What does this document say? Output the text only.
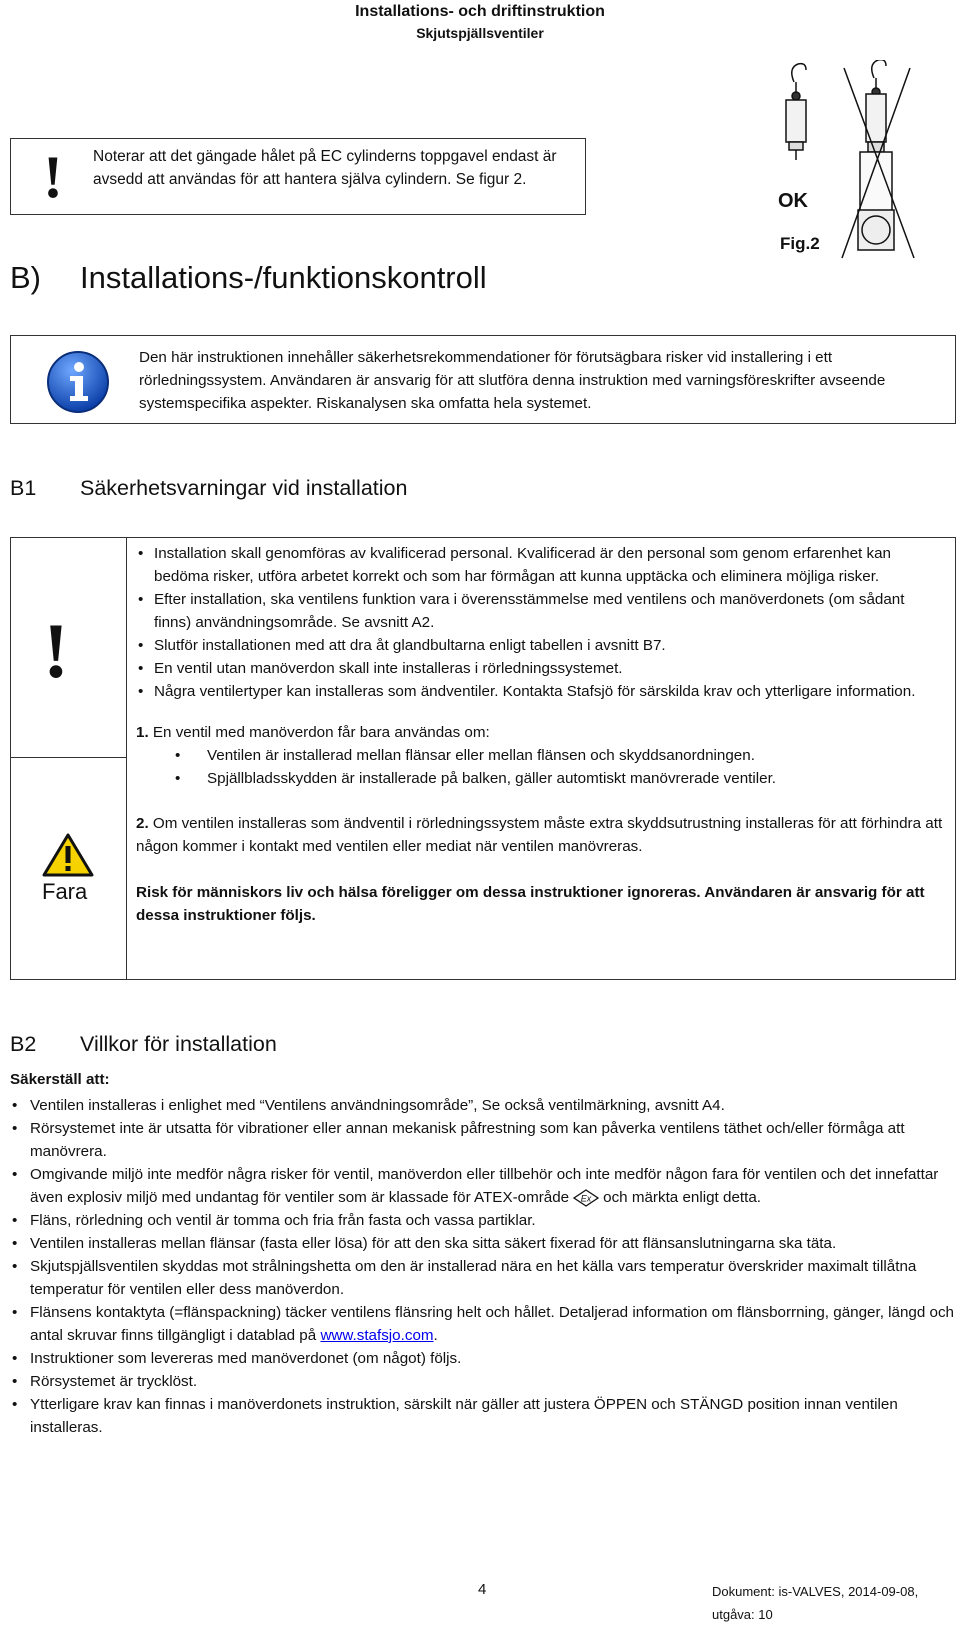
Installations- och driftinstruktion
Skjutspjällsventiler
! Noterar att det gängade hålet på EC cylinderns toppgavel endast är avsedd att användas för att hantera själva cylindern. Se figur 2.
OK
Fig.2
B) Installations-/funktionskontroll
Den här instruktionen innehåller säkerhetsrekommendationer för förutsägbara risker vid installering i ett rörledningssystem. Användaren är ansvarig för att slutföra denna instruktion med varningsföreskrifter avseende systemspecifika aspekter. Riskanalysen ska omfatta hela systemet.
B1 Säkerhetsvarningar vid installation
!
Fara
• Installation skall genomföras av kvalificerad personal. Kvalificerad är den personal som genom erfarenhet kan bedöma risker, utföra arbetet korrekt och som har förmågan att kunna upptäcka och eliminera möjliga risker.
• Efter installation, ska ventilens funktion vara i överensstämmelse med ventilens och manöverdonets (om sådant finns) användningsområde. Se avsnitt A2.
• Slutför installationen med att dra åt glandbultarna enligt tabellen i avsnitt B7.
• En ventil utan manöverdon skall inte installeras i rörledningssystemet.
• Några ventilertyper kan installeras som ändventiler. Kontakta Stafsjö för särskilda krav och ytterligare information.
1. En ventil med manöverdon får bara användas om:
• Ventilen är installerad mellan flänsar eller mellan flänsen och skyddsanordningen.
• Spjällbladsskydden är installerade på balken, gäller automtiskt manövrerade ventiler.
2. Om ventilen installeras som ändventil i rörledningssystem måste extra skyddsutrustning installeras för att förhindra att någon kommer i kontakt med ventilen eller mediat när ventilen manövreras.
Risk för människors liv och hälsa föreligger om dessa instruktioner ignoreras. Användaren är ansvarig för att dessa instruktioner följs.
B2 Villkor för installation
Säkerställ att:
• Ventilen installeras i enlighet med “Ventilens användningsområde”, Se också ventilmärkning, avsnitt A4.
• Rörsystemet inte är utsatta för vibrationer eller annan mekanisk påfrestning som kan påverka ventilens täthet och/eller förmåga att manövrera.
• Omgivande miljö inte medför några risker för ventil, manöverdon eller tillbehör och inte medför någon fara för ventilen och det innefattar även explosiv miljö med undantag för ventiler som är klassade för ATEX-område Ex och märkta enligt detta.
• Fläns, rörledning och ventil är tomma och fria från fasta och vassa partiklar.
• Ventilen installeras mellan flänsar (fasta eller lösa) för att den ska sitta säkert fixerad för att flänsanslutningarna ska täta.
• Skjutspjällsventilen skyddas mot strålningshetta om den är installerad nära en het källa vars temperatur överskrider maximalt tillåtna temperatur för ventilen eller dess manöverdon.
• Flänsens kontaktyta (=flänspackning) täcker ventilens flänsring helt och hållet. Detaljerad information om flänsborrning, gänger, längd och antal skruvar finns tillgängligt i datablad på www.stafsjo.com.
• Instruktioner som levereras med manöverdonet (om något) följs.
• Rörsystemet är trycklöst.
• Ytterligare krav kan finnas i manöverdonets instruktion, särskilt när gäller att justera ÖPPEN och STÄNGD position innan ventilen installeras.
4	Dokument: is-VALVES, 2014-09-08, utgåva: 10
